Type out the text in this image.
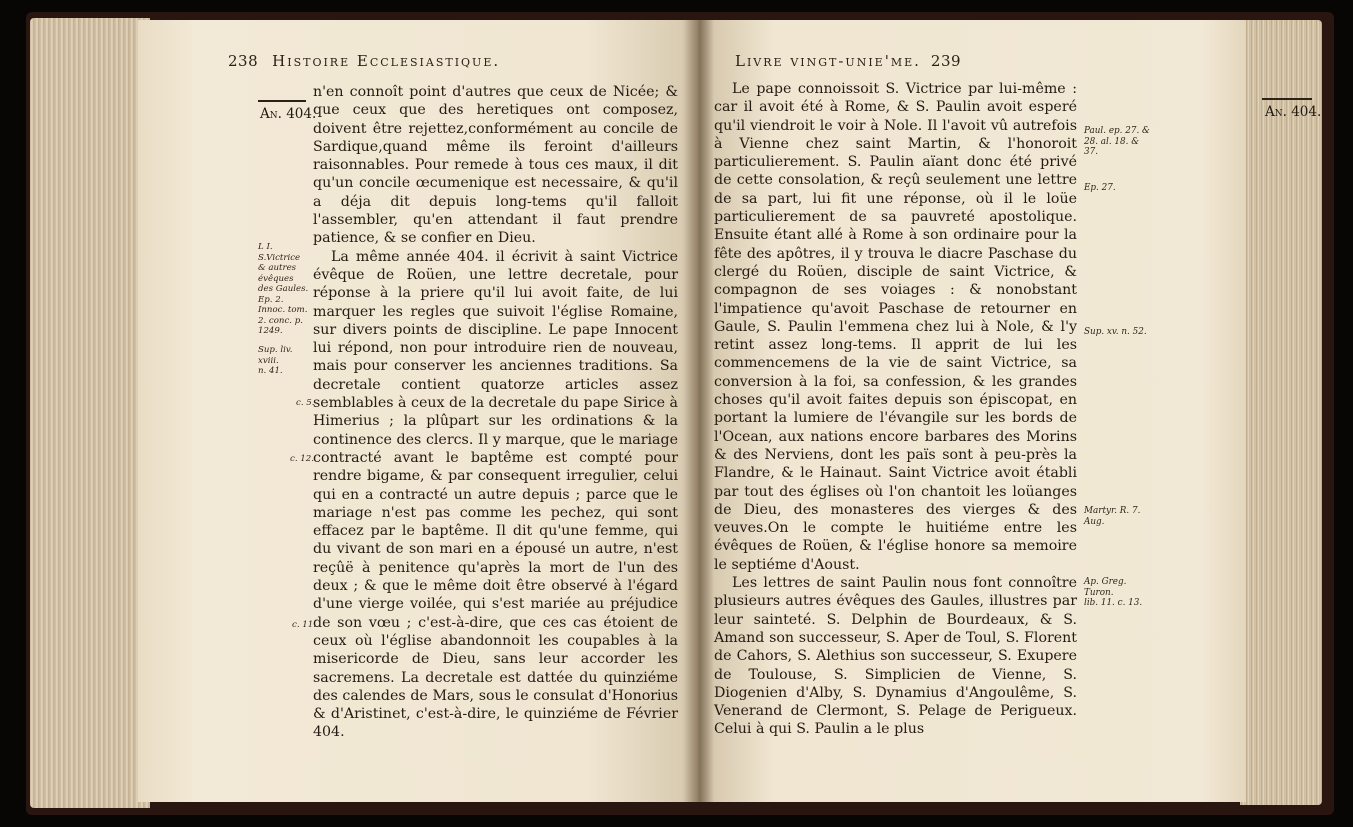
238 Histoire Ecclesiastique.
An. 404.
L I.
S.Victrice & autres évêques des Gaules.
Ep. 2. Innoc. tom.
2. conc. p. 1249.
Sup. liv. xviii.
n. 41.
c. 5.
c. 12.
c. 11.

n'en connoît point d'autres que ceux de Nicée; & que ceux que des heretiques ont composez, doivent être rejettez,conformément au concile de Sardique,quand même ils feroint d'ailleurs raisonnables. Pour remede à tous ces maux, il dit qu'un concile œcumenique est necessaire, & qu'il a déja dit depuis long-tems qu'il falloit l'assembler, qu'en attendant il faut prendre patience, & se confier en Dieu.

La même année 404. il écrivit à saint Victrice évêque de Roüen, une lettre decretale, pour réponse à la priere qu'il lui avoit faite, de lui marquer les regles que suivoit l'église Romaine, sur divers points de discipline. Le pape Innocent lui répond, non pour introduire rien de nouveau, mais pour conserver les anciennes traditions. Sa decretale contient quatorze articles assez semblables à ceux de la decretale du pape Sirice à Himerius ; la plûpart sur les ordinations & la continence des clercs. Il y marque, que le mariage contracté avant le baptême est compté pour rendre bigame, & par consequent irregulier, celui qui en a contracté un autre depuis ; parce que le mariage n'est pas comme les pechez, qui sont effacez par le baptême. Il dit qu'une femme, qui du vivant de son mari en a épousé un autre, n'est reçûë à penitence qu'après la mort de l'un des deux ; & que le même doit être observé à l'égard d'une vierge voilée, qui s'est mariée au préjudice de son vœu ; c'est-à-dire, que ces cas étoient de ceux où l'église abandonnoit les coupables à la misericorde de Dieu, sans leur accorder les sacremens. La decretale est dattée du quinziéme des calendes de Mars, sous le consulat d'Honorius & d'Aristinet, c'est-à-dire, le quinziéme de Février 404.

Livre vingt-unie'me. 239
An. 404.

Le pape connoissoit S. Victrice par lui-même : car il avoit été à Rome, & S. Paulin avoit esperé qu'il viendroit le voir à Nole. Il l'avoit vû autrefois à Vienne chez saint Martin, & l'honoroit particulierement. S. Paulin aïant donc été privé de cette consolation, & reçû seulement une lettre de sa part, lui fit une réponse, où il le loüe particulierement de sa pauvreté apostolique. Ensuite étant allé à Rome à son ordinaire pour la fête des apôtres, il y trouva le diacre Paschase du clergé du Roüen, disciple de saint Victrice, & compagnon de ses voiages : & nonobstant l'impatience qu'avoit Paschase de retourner en Gaule, S. Paulin l'emmena chez lui à Nole, & l'y retint assez long-tems. Il apprit de lui les commencemens de la vie de saint Victrice, sa conversion à la foi, sa confession, & les grandes choses qu'il avoit faites depuis son épiscopat, en portant la lumiere de l'évangile sur les bords de l'Ocean, aux nations encore barbares des Morins & des Nerviens, dont les païs sont à peu-près la Flandre, & le Hainaut. Saint Victrice avoit établi par tout des églises où l'on chantoit les loüanges de Dieu, des monasteres des vierges & des veuves.On le compte le huitiéme entre les évêques de Roüen, & l'église honore sa memoire le septiéme d'Aoust.

Les lettres de saint Paulin nous font connoître plusieurs autres évêques des Gaules, illustres par leur sainteté. S. Delphin de Bourdeaux, & S. Amand son successeur, S. Aper de Toul, S. Florent de Cahors, S. Alethius son successeur, S. Exupere de Toulouse, S. Simplicien de Vienne, S. Diogenien d'Alby, S. Dynamius d'Angoulême, S. Venerand de Clermont, S. Pelage de Perigueux. Celui à qui S. Paulin a le plus

Paul. ep. 27. &
28. al. 18. & 37.
Ep. 27.
Sup. xv. n. 52.
Martyr. R. 7.
Aug.
Ap. Greg. Turon.
lib. 11. c. 13.
